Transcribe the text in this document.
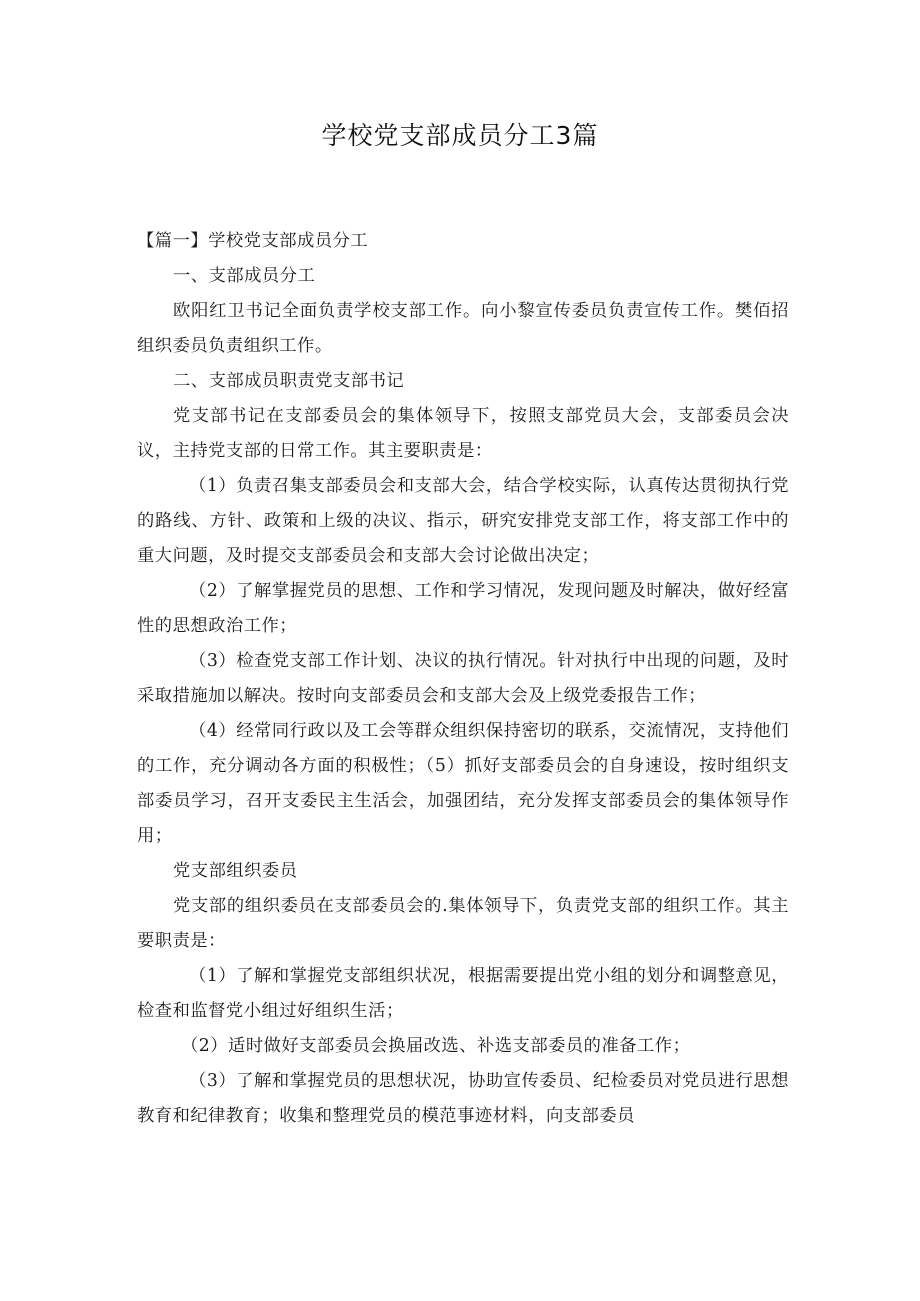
学校党支部成员分工3篇

【篇一】学校党支部成员分工

一、支部成员分工

欧阳红卫书记全面负责学校支部工作。向小黎宣传委员负责宣传工作。樊佰招组织委员负责组织工作。

二、支部成员职责党支部书记

党支部书记在支部委员会的集体领导下，按照支部党员大会，支部委员会决议，主持党支部的日常工作。其主要职责是：

（1）负责召集支部委员会和支部大会，结合学校实际，认真传达贯彻执行党的路线、方针、政策和上级的决议、指示，研究安排党支部工作，将支部工作中的重大问题，及时提交支部委员会和支部大会讨论做出决定；

（2）了解掌握党员的思想、工作和学习情况，发现问题及时解决，做好经富性的思想政治工作；

（3）检查党支部工作计划、决议的执行情况。针对执行中出现的问题，及时采取措施加以解决。按时向支部委员会和支部大会及上级党委报告工作；

（4）经常同行政以及工会等群众组织保持密切的联系，交流情况，支持他们的工作，充分调动各方面的积极性；（5）抓好支部委员会的自身速设，按时组织支部委员学习，召开支委民主生活会，加强团结，充分发挥支部委员会的集体领导作用；

党支部组织委员

党支部的组织委员在支部委员会的.集体领导下，负责党支部的组织工作。其主要职责是：

（1）了解和掌握党支部组织状况，根据需要提出党小组的划分和调整意见，检查和监督党小组过好组织生活；

（2）适时做好支部委员会换届改选、补选支部委员的准备工作；

（3）了解和掌握党员的思想状况，协助宣传委员、纪检委员对党员进行思想教育和纪律教育；收集和整理党员的模范事迹材料，向支部委员
